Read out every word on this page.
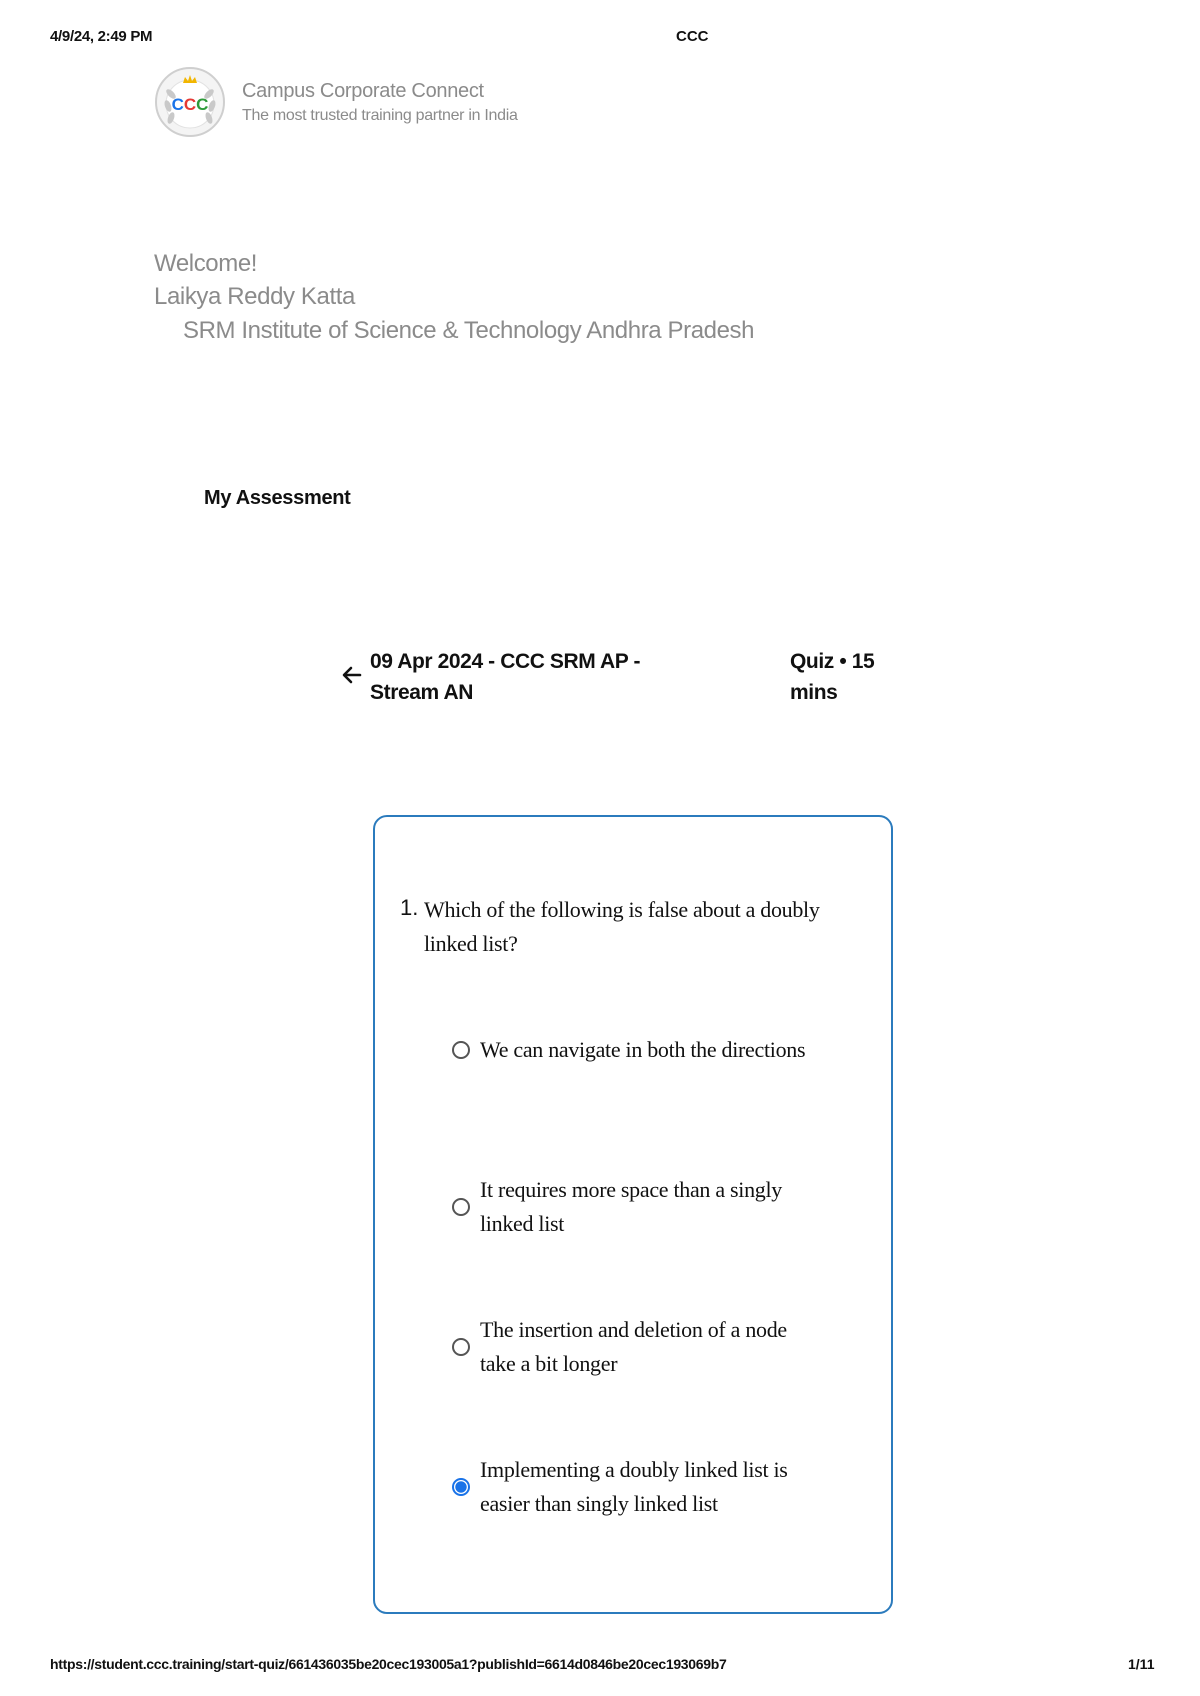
4/9/24, 2:49 PM	CCC
CCC
Campus Corporate Connect
The most trusted training partner in India
Welcome!
Laikya Reddy Katta
SRM Institute of Science & Technology Andhra Pradesh
My Assessment
09 Apr 2024 - CCC SRM AP - Stream AN
Quiz • 15 mins
1. Which of the following is false about a doubly linked list?
We can navigate in both the directions
It requires more space than a singly linked list
The insertion and deletion of a node take a bit longer
Implementing a doubly linked list is easier than singly linked list
https://student.ccc.training/start-quiz/661436035be20cec193005a1?publishId=6614d0846be20cec193069b7	1/11
